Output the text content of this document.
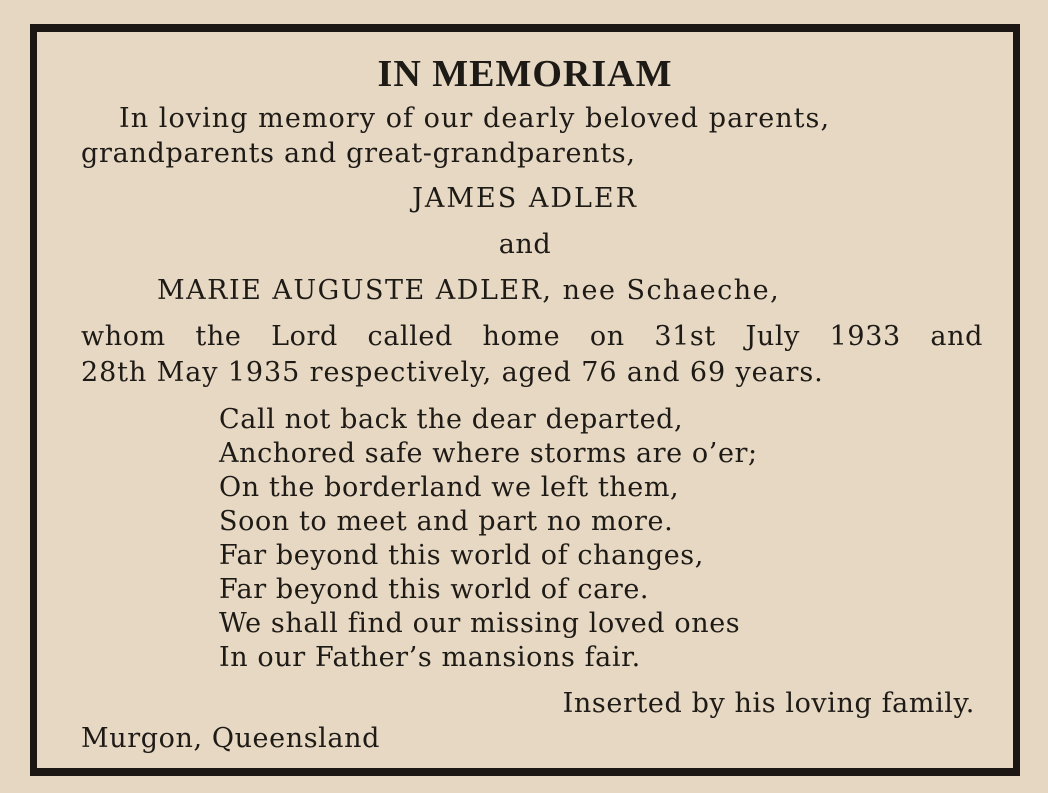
IN MEMORIAM
In loving memory of our dearly beloved parents,
grandparents and great-grandparents,
JAMES ADLER
and
MARIE AUGUSTE ADLER, nee Schaeche,
whom the Lord called home on 31st July 1933 and
28th May 1935 respectively, aged 76 and 69 years.
Call not back the dear departed,
Anchored safe where storms are o’er;
On the borderland we left them,
Soon to meet and part no more.
Far beyond this world of changes,
Far beyond this world of care.
We shall find our missing loved ones
In our Father’s mansions fair.
Inserted by his loving family.
Murgon, Queensland
